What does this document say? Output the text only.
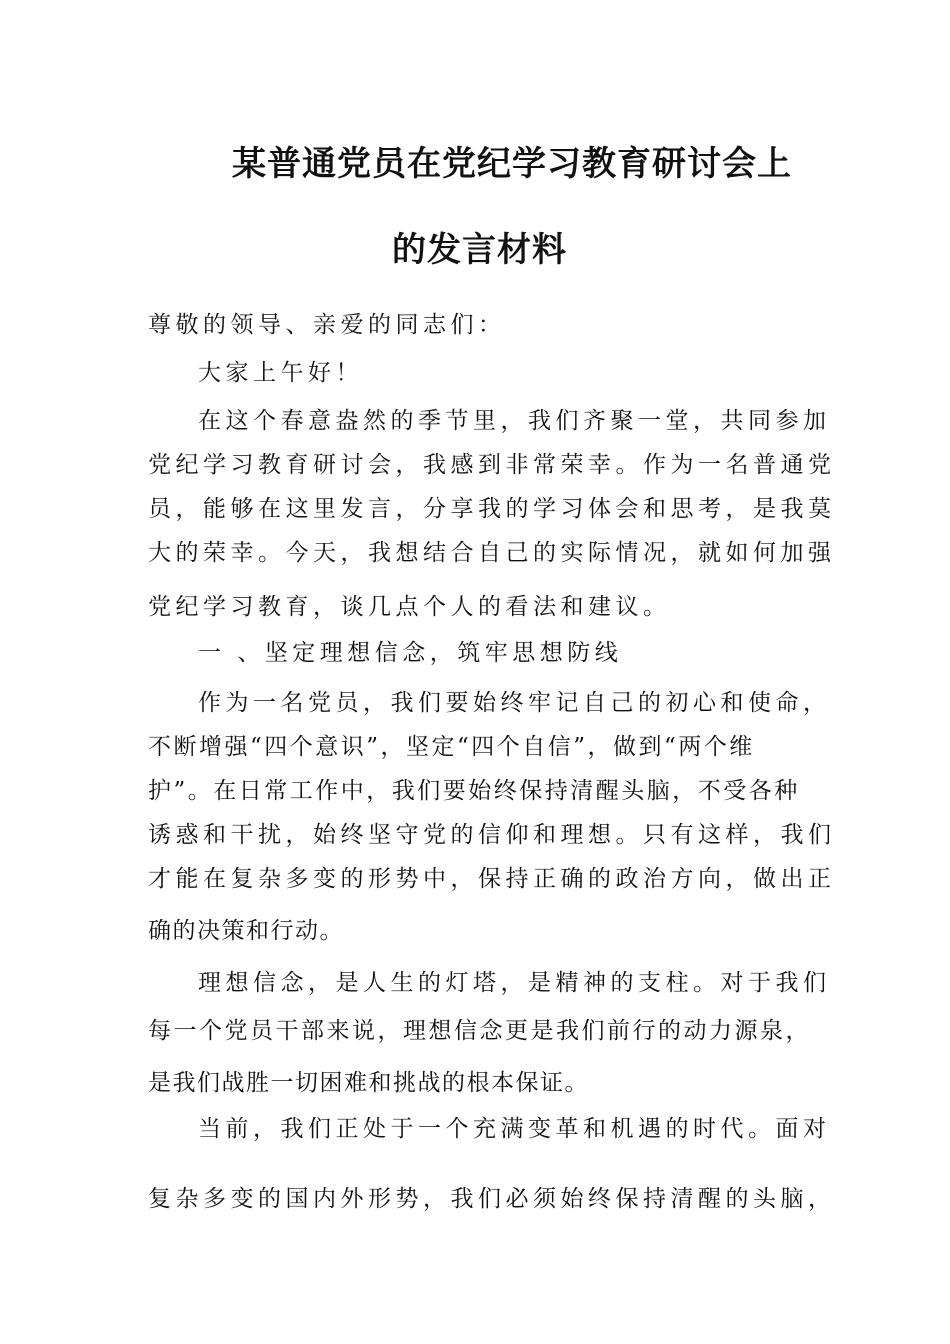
某普通党员在党纪学习教育研讨会上
的发言材料
尊敬的领导、亲爱的同志们：
大家上午好！
在这个春意盎然的季节里，我们齐聚一堂，共同参加
党纪学习教育研讨会，我感到非常荣幸。作为一名普通党
员，能够在这里发言，分享我的学习体会和思考，是我莫
大的荣幸。今天，我想结合自己的实际情况，就如何加强
党纪学习教育，谈几点个人的看法和建议。
一 、坚定理想信念，筑牢思想防线
作为一名党员，我们要始终牢记自己的初心和使命，
不断增强“四个意识”，坚定“四个自信”，做到“两个维
护”。在日常工作中，我们要始终保持清醒头脑，不受各种
诱惑和干扰，始终坚守党的信仰和理想。只有这样，我们
才能在复杂多变的形势中，保持正确的政治方向，做出正
确的决策和行动。
理想信念，是人生的灯塔，是精神的支柱。对于我们
每一个党员干部来说，理想信念更是我们前行的动力源泉，
是我们战胜一切困难和挑战的根本保证。
当前，我们正处于一个充满变革和机遇的时代。面对
复杂多变的国内外形势，我们必须始终保持清醒的头脑，
